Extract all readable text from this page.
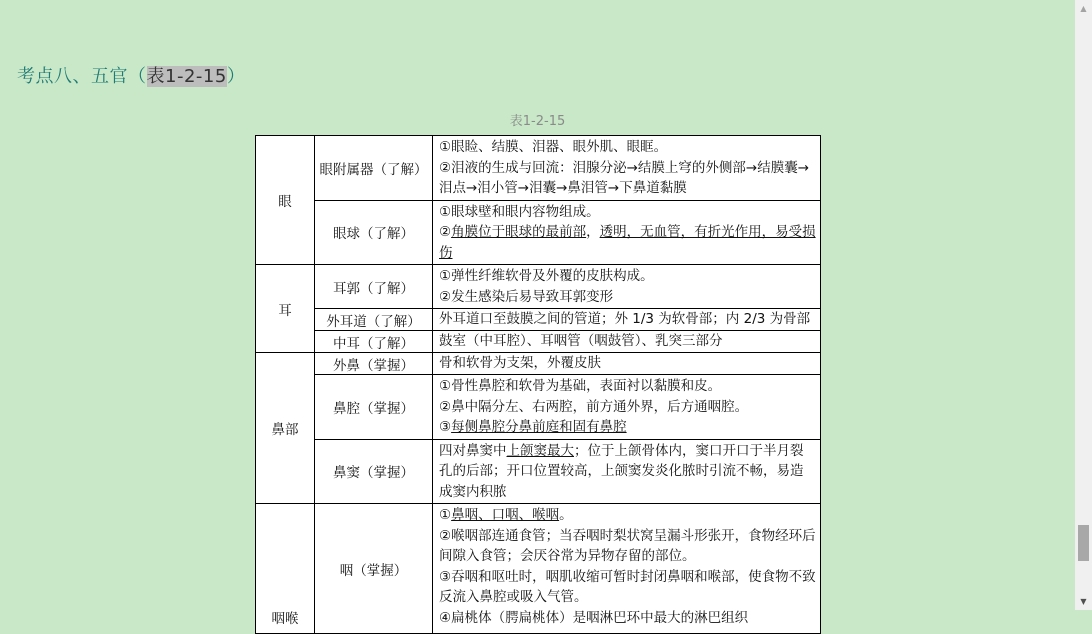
考点八、五官（表1-2-15）
表1-2-15
眼	眼附属器（了解）	①眼睑、结膜、泪器、眼外肌、眼眶。
②泪液的生成与回流：泪腺分泌→结膜上穹的外侧部→结膜囊→泪点→泪小管→泪囊→鼻泪管→下鼻道黏膜

	眼球（了解）	①眼球壁和眼内容物组成。
②角膜位于眼球的最前部，透明，无血管，有折光作用，易受损伤

耳	耳郭（了解）	①弹性纤维软骨及外覆的皮肤构成。
②发生感染后易导致耳郭变形

	外耳道（了解）	外耳道口至鼓膜之间的管道；外 1/3 为软骨部；内 2/3 为骨部
	中耳（了解）	鼓室（中耳腔）、耳咽管（咽鼓管）、乳突三部分
鼻部	外鼻（掌握）	骨和软骨为支架，外覆皮肤
	鼻腔（掌握）	①骨性鼻腔和软骨为基础，表面衬以黏膜和皮。
②鼻中隔分左、右两腔，前方通外界，后方通咽腔。
③每侧鼻腔分鼻前庭和固有鼻腔

	鼻窦（掌握）	四对鼻窦中上颌窦最大；位于上颌骨体内，窦口开口于半月裂孔的后部；开口位置较高，上颌窦发炎化脓时引流不畅，易造成窦内积脓
咽喉	咽（掌握）	①鼻咽、口咽、喉咽。
②喉咽部连通食管；当吞咽时梨状窝呈漏斗形张开，食物经环后间隙入食管；会厌谷常为异物存留的部位。
③吞咽和呕吐时，咽肌收缩可暂时封闭鼻咽和喉部，使食物不致反流入鼻腔或吸入气管。
④扁桃体（腭扁桃体）是咽淋巴环中最大的淋巴组织
▲
▼
